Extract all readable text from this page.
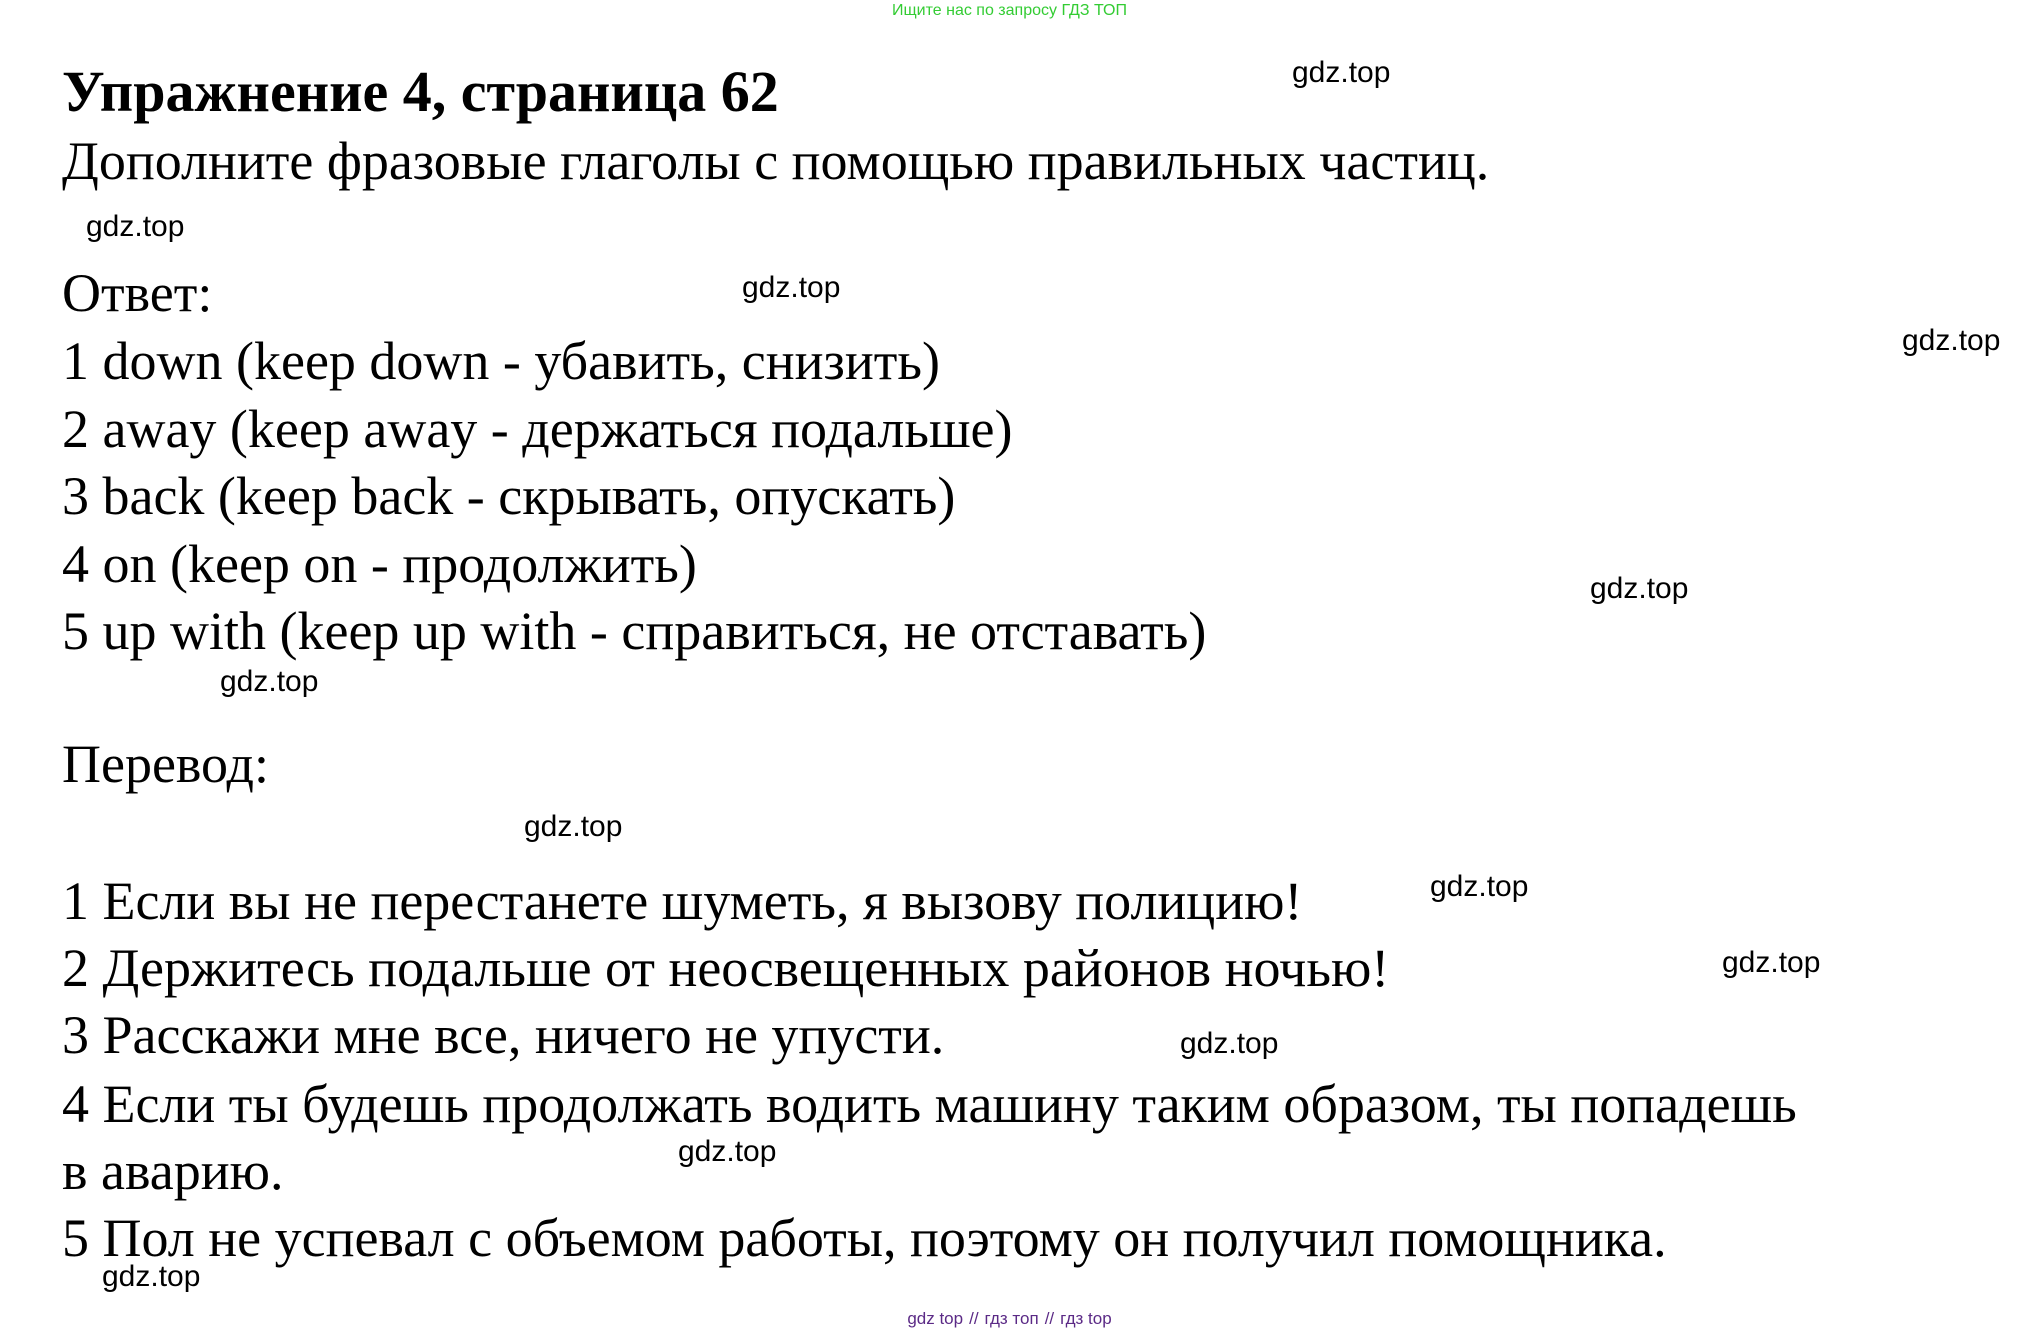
Ищите нас по запросу ГДЗ ТОП
Упражнение 4, страница 62
Дополните фразовые глаголы с помощью правильных частиц.
Ответ:
1 down (keep down - убавить, снизить)
2 away (keep away - держаться подальше)
3 back (keep back - скрывать, опускать)
4 on (keep on - продолжить)
5 up with (keep up with - справиться, не отставать)
Перевод:
1 Если вы не перестанете шуметь, я вызову полицию!
2 Держитесь подальше от неосвещенных районов ночью!
3 Расскажи мне все, ничего не упусти.
4 Если ты будешь продолжать водить машину таким образом, ты попадешь
в аварию.
5 Пол не успевал с объемом работы, поэтому он получил помощника.
gdz.top
gdz.top
gdz.top
gdz.top
gdz.top
gdz.top
gdz.top
gdz.top
gdz.top
gdz.top
gdz.top
gdz.top
gdz top // гдз топ // гдз top
